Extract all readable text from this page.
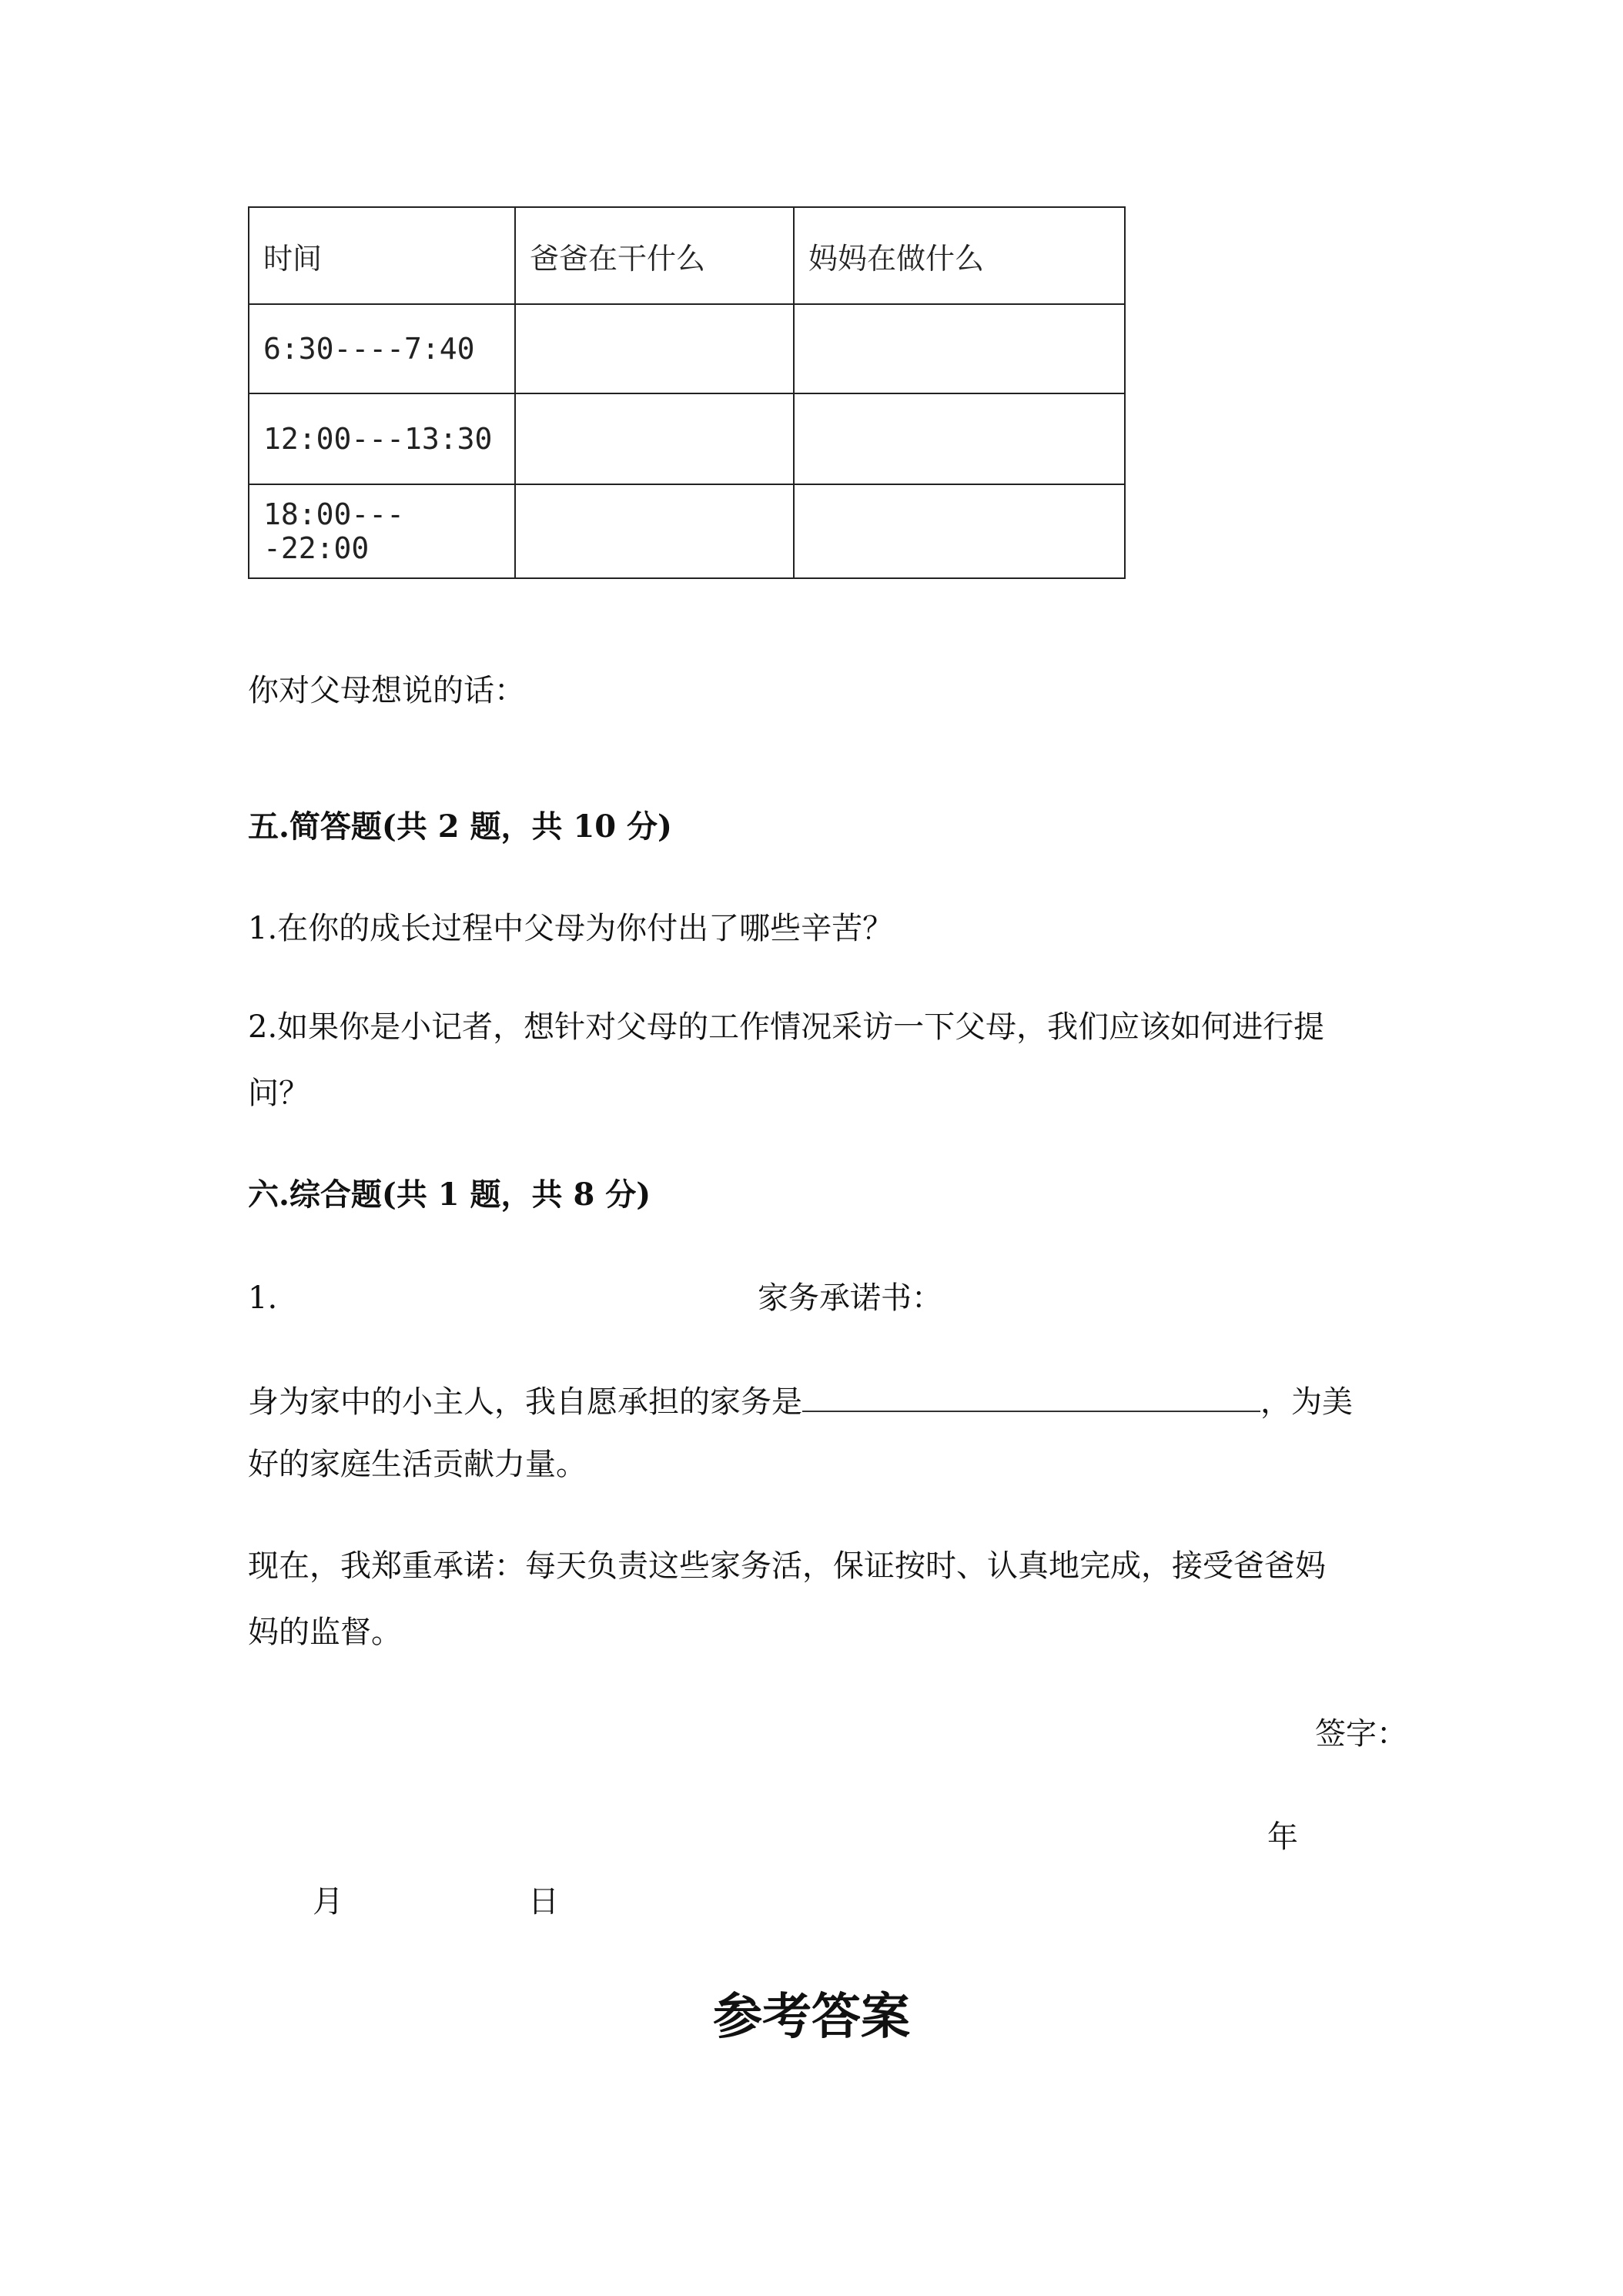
时间	爸爸在干什么	妈妈在做什么
6:30----7:40		
12:00---13:30		
18:00----22:00		
你对父母想说的话：
五.简答题(共 2 题，共 10 分)
1.在你的成长过程中父母为你付出了哪些辛苦？
2.如果你是小记者，想针对父母的工作情况采访一下父母，我们应该如何进行提
问？
六.综合题(共 1 题，共 8 分)
1.	家务承诺书：
身为家中的小主人，我自愿承担的家务是	，为美
好的家庭生活贡献力量。
现在，我郑重承诺：每天负责这些家务活，保证按时、认真地完成，接受爸爸妈
妈的监督。
签字：
年
月	日
参考答案
